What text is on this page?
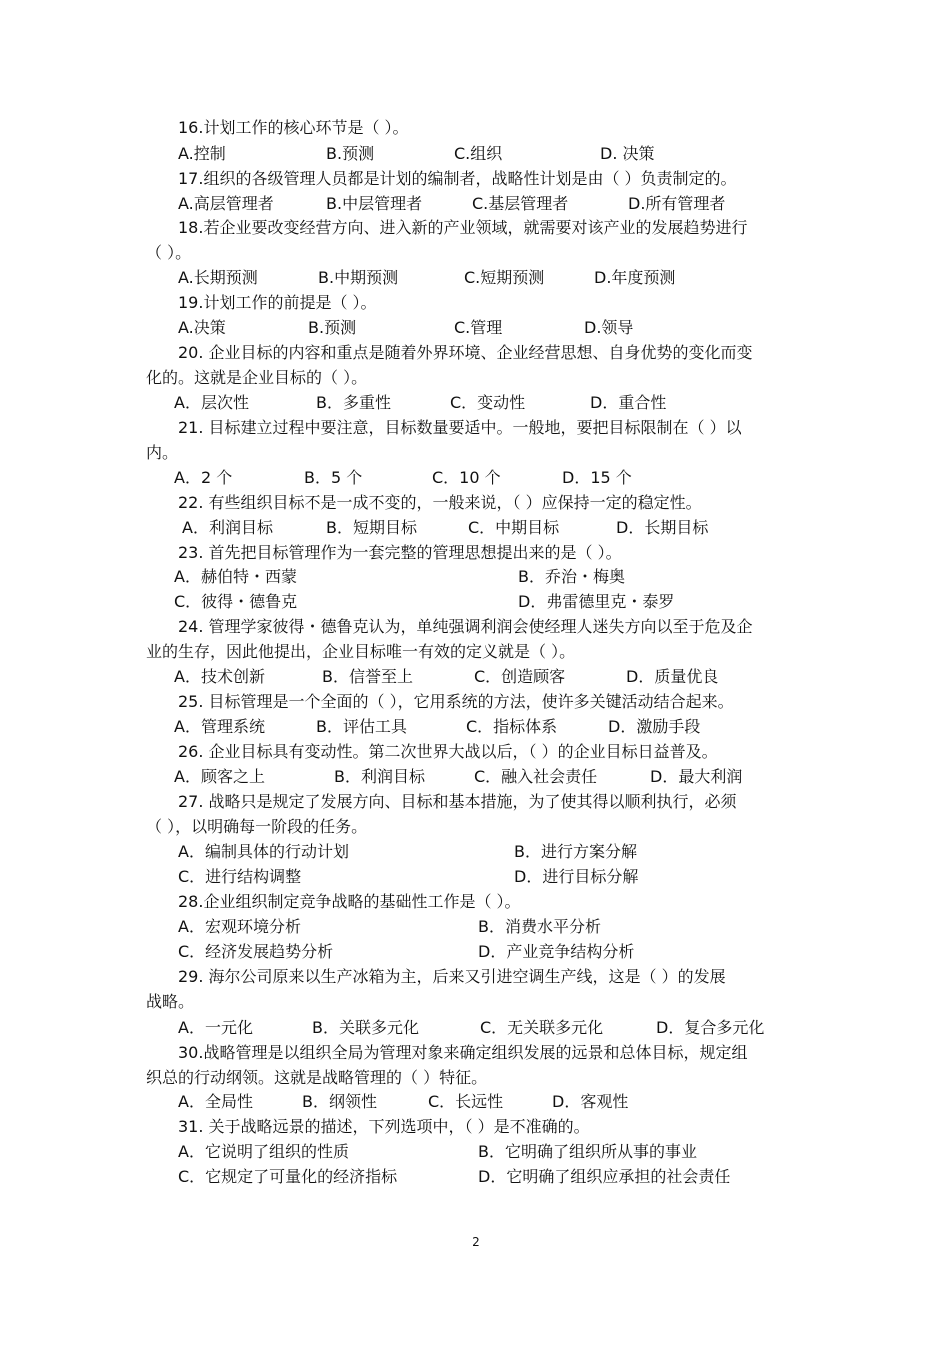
16.计划工作的核心环节是（ ）。
A.控制	B.预测	C.组织	D. 决策
17.组织的各级管理人员都是计划的编制者，战略性计划是由（ ）负责制定的。
A.高层管理者	B.中层管理者	C.基层管理者	D.所有管理者
18.若企业要改变经营方向、进入新的产业领域，就需要对该产业的发展趋势进行
（ ）。
A.长期预测	B.中期预测	C.短期预测	D.年度预测
19.计划工作的前提是（ ）。
A.决策	B.预测	C.管理	D.领导
20. 企业目标的内容和重点是随着外界环境、企业经营思想、自身优势的变化而变
化的。这就是企业目标的（ ）。
A．层次性	B．多重性	C．变动性	D．重合性
21. 目标建立过程中要注意，目标数量要适中。一般地，要把目标限制在（ ）以
内。
A．2 个	B．5 个	C．10 个	D．15 个
22. 有些组织目标不是一成不变的，一般来说，（ ）应保持一定的稳定性。
A．利润目标	B．短期目标	C．中期目标	D．长期目标
23. 首先把目标管理作为一套完整的管理思想提出来的是（ ）。
A．赫伯特・西蒙	B．乔治・梅奥
C．彼得・德鲁克	D．弗雷德里克・泰罗
24. 管理学家彼得・德鲁克认为，单纯强调利润会使经理人迷失方向以至于危及企
业的生存，因此他提出，企业目标唯一有效的定义就是（ ）。
A．技术创新	B．信誉至上	C．创造顾客	D．质量优良
25. 目标管理是一个全面的（ ），它用系统的方法，使许多关键活动结合起来。
A．管理系统	B．评估工具	C．指标体系	D．激励手段
26. 企业目标具有变动性。第二次世界大战以后，（ ）的企业目标日益普及。
A．顾客之上	B．利润目标	C．融入社会责任	D．最大利润
27. 战略只是规定了发展方向、目标和基本措施，为了使其得以顺利执行，必须
（ ），以明确每一阶段的任务。
A．编制具体的行动计划	B．进行方案分解
C．进行结构调整	D．进行目标分解
28.企业组织制定竞争战略的基础性工作是（ ）。
A．宏观环境分析	B．消费水平分析
C．经济发展趋势分析	D．产业竞争结构分析
29. 海尔公司原来以生产冰箱为主，后来又引进空调生产线，这是（ ）的发展
战略。
A．一元化	B．关联多元化	C．无关联多元化	D．复合多元化
30.战略管理是以组织全局为管理对象来确定组织发展的远景和总体目标，规定组
织总的行动纲领。这就是战略管理的（ ）特征。
A．全局性	B．纲领性	C．长远性	D．客观性
31. 关于战略远景的描述，下列选项中，（ ）是不准确的。
A．它说明了组织的性质	B．它明确了组织所从事的事业
C．它规定了可量化的经济指标	D．它明确了组织应承担的社会责任
2
